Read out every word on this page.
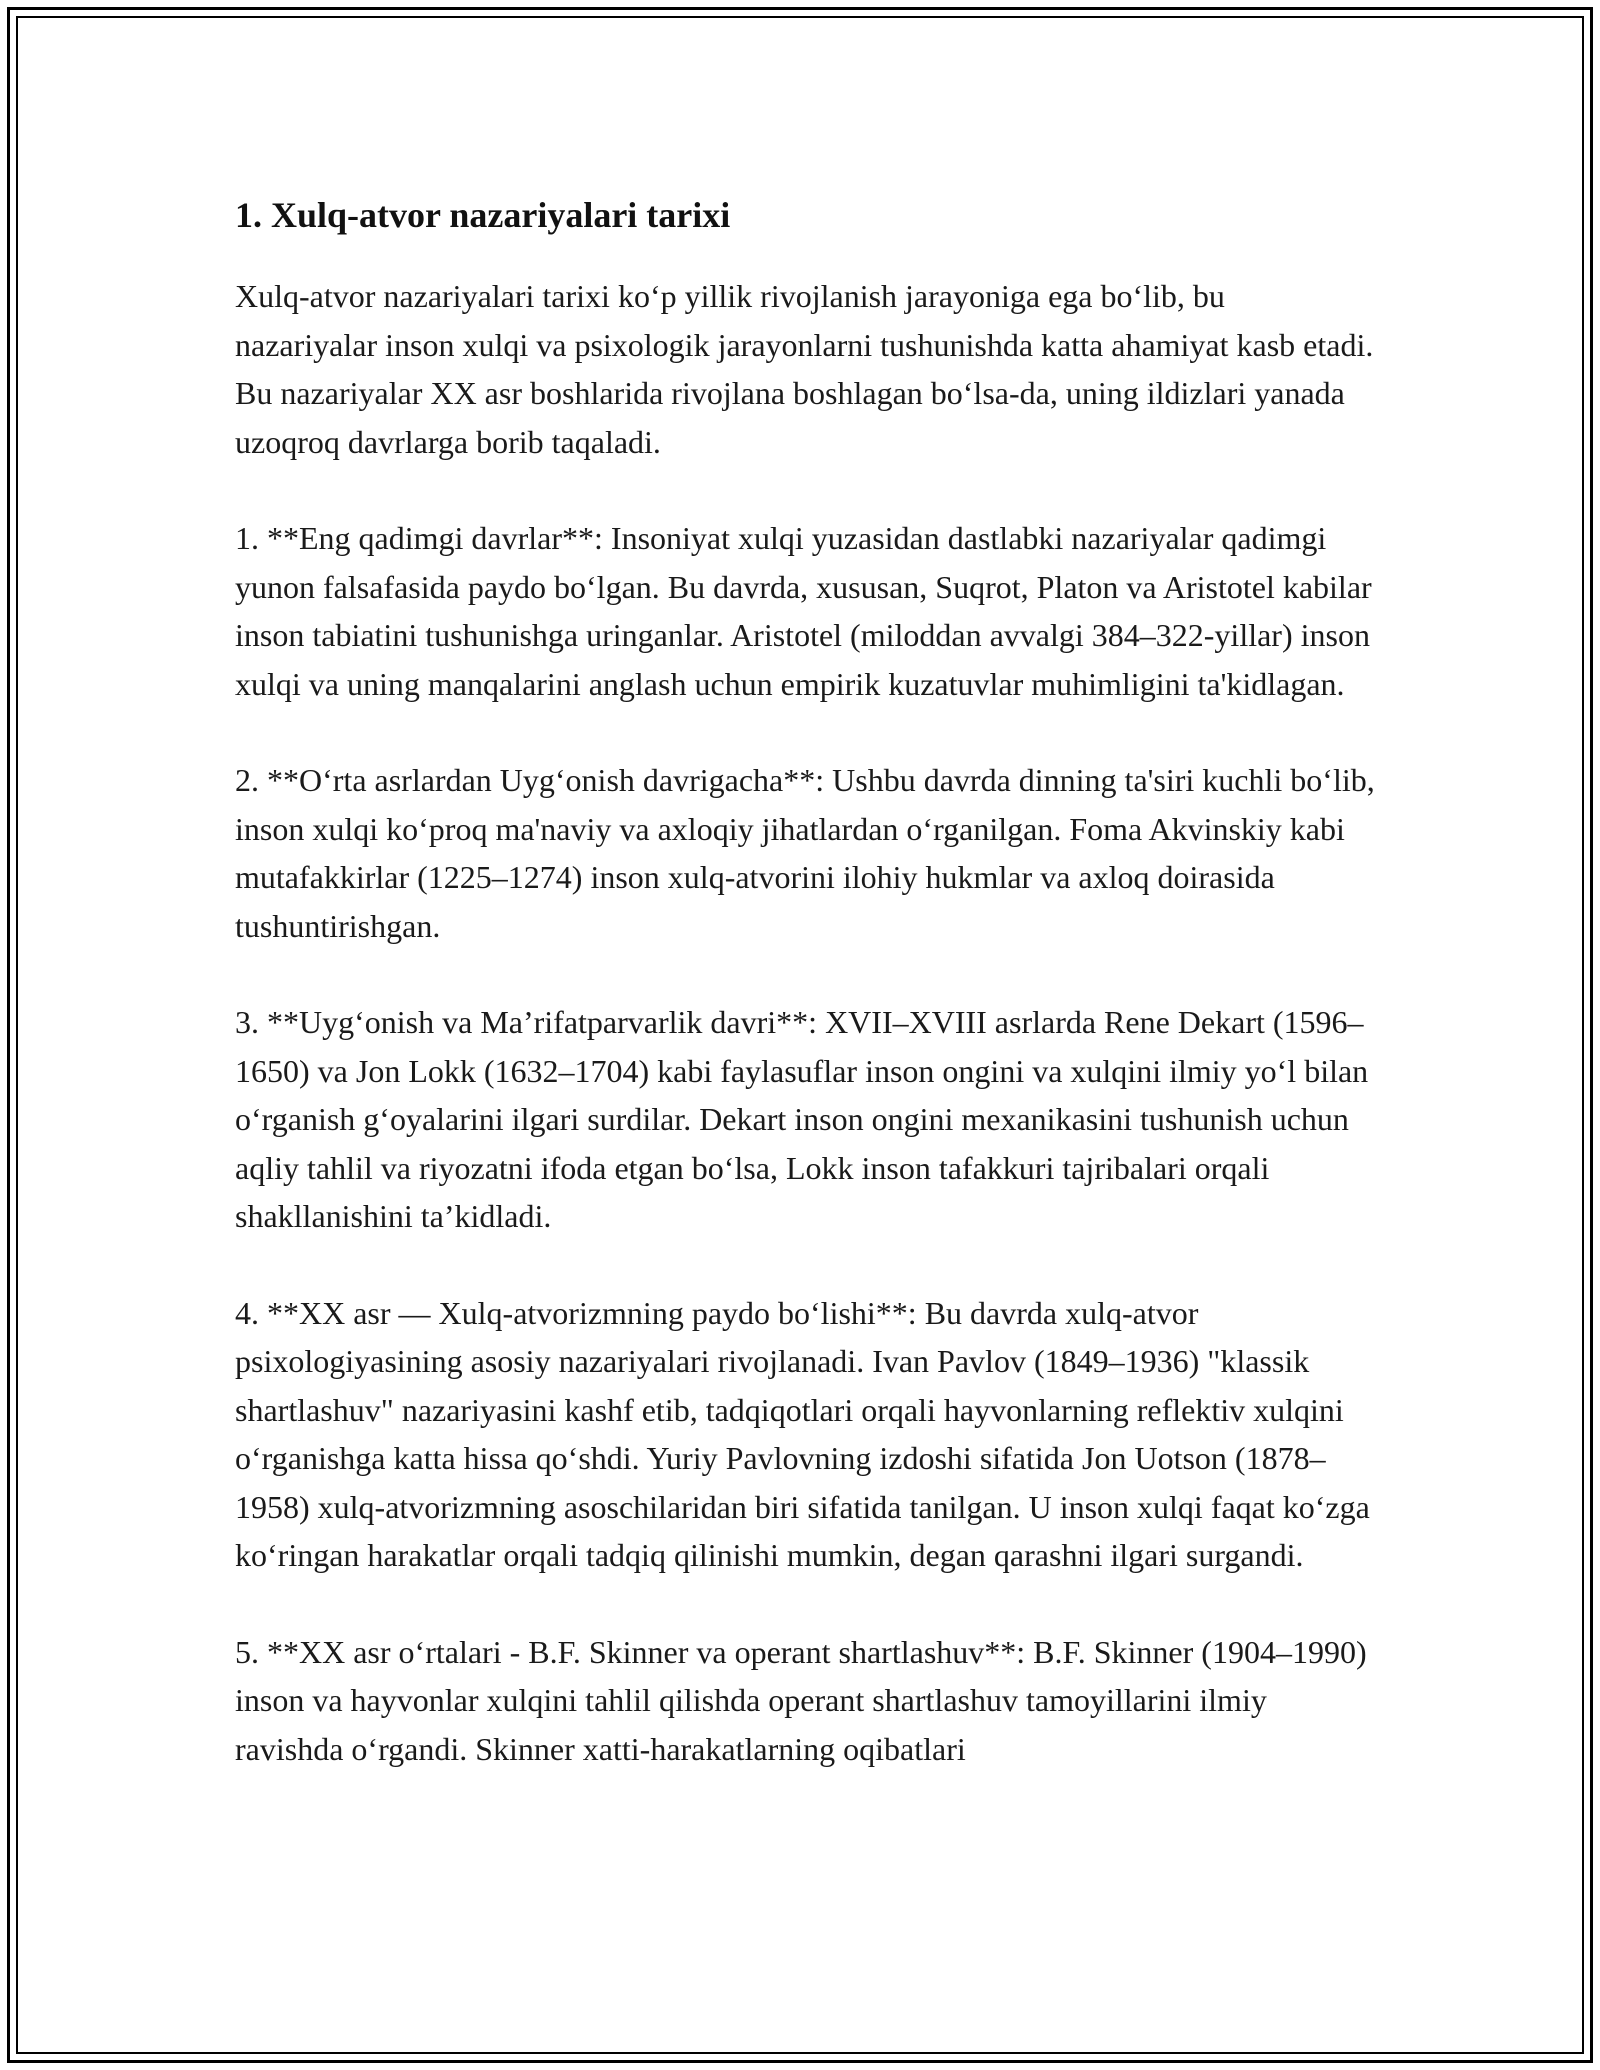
1. Xulq-atvor nazariyalari tarixi

Xulq-atvor nazariyalari tarixi koʻp yillik rivojlanish jarayoniga ega boʻlib, bu nazariyalar inson xulqi va psixologik jarayonlarni tushunishda katta ahamiyat kasb etadi. Bu nazariyalar XX asr boshlarida rivojlana boshlagan boʻlsa-da, uning ildizlari yanada uzoqroq davrlarga borib taqaladi.

1. **Eng qadimgi davrlar**: Insoniyat xulqi yuzasidan dastlabki nazariyalar qadimgi yunon falsafasida paydo boʻlgan. Bu davrda, xususan, Suqrot, Platon va Aristotel kabilar inson tabiatini tushunishga uringanlar. Aristotel (miloddan avvalgi 384–322-yillar) inson xulqi va uning manqalarini anglash uchun empirik kuzatuvlar muhimligini ta'kidlagan.

2. **Oʻrta asrlardan Uygʻonish davrigacha**: Ushbu davrda dinning ta'siri kuchli boʻlib, inson xulqi koʻproq ma'naviy va axloqiy jihatlardan oʻrganilgan. Foma Akvinskiy kabi mutafakkirlar (1225–1274) inson xulq-atvorini ilohiy hukmlar va axloq doirasida tushuntirishgan.

3. **Uygʻonish va Ma’rifatparvarlik davri**: XVII–XVIII asrlarda Rene Dekart (1596–1650) va Jon Lokk (1632–1704) kabi faylasuflar inson ongini va xulqini ilmiy yoʻl bilan oʻrganish gʻoyalarini ilgari surdilar. Dekart inson ongini mexanikasini tushunish uchun aqliy tahlil va riyozatni ifoda etgan boʻlsa, Lokk inson tafakkuri tajribalari orqali shakllanishini ta’kidladi.

4. **XX asr — Xulq-atvorizmning paydo boʻlishi**: Bu davrda xulq-atvor psixologiyasining asosiy nazariyalari rivojlanadi. Ivan Pavlov (1849–1936) "klassik shartlashuv" nazariyasini kashf etib, tadqiqotlari orqali hayvonlarning reflektiv xulqini oʻrganishga katta hissa qoʻshdi. Yuriy Pavlovning izdoshi sifatida Jon Uotson (1878–1958) xulq-atvorizmning asoschilaridan biri sifatida tanilgan. U inson xulqi faqat koʻzga koʻringan harakatlar orqali tadqiq qilinishi mumkin, degan qarashni ilgari surgandi.

5. **XX asr oʻrtalari - B.F. Skinner va operant shartlashuv**: B.F. Skinner (1904–1990) inson va hayvonlar xulqini tahlil qilishda operant shartlashuv tamoyillarini ilmiy ravishda oʻrgandi. Skinner xatti-harakatlarning oqibatlari
